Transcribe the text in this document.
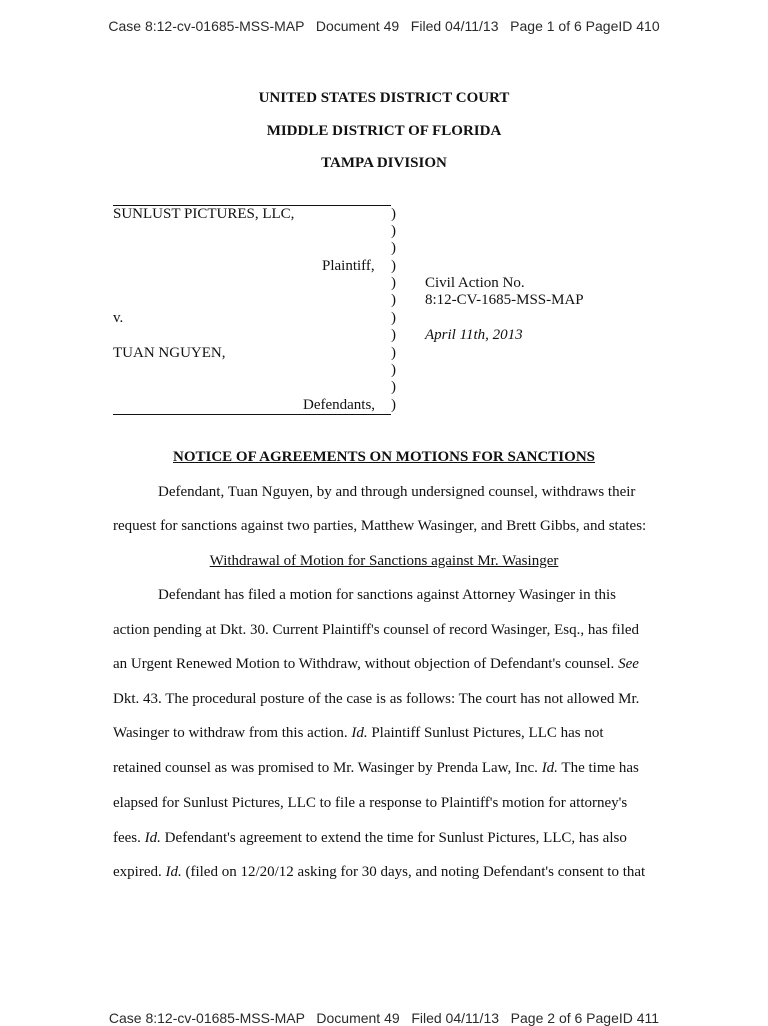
Case 8:12-cv-01685-MSS-MAP   Document 49   Filed 04/11/13   Page 1 of 6 PageID 410
UNITED STATES DISTRICT COURT
MIDDLE DISTRICT OF FLORIDA
TAMPA DIVISION
SUNLUST PICTURES, LLC,
Plaintiff,
v.
TUAN NGUYEN,
Defendants,
)
)
)
)
)
)
)
)
)
)
)
)
Civil Action No.
8:12-CV-1685-MSS-MAP
April 11th, 2013
NOTICE OF AGREEMENTS ON MOTIONS FOR SANCTIONS
Defendant, Tuan Nguyen, by and through undersigned counsel, withdraws their
request for sanctions against two parties, Matthew Wasinger, and Brett Gibbs, and states:
Withdrawal of Motion for Sanctions against Mr. Wasinger
Defendant has filed a motion for sanctions against Attorney Wasinger in this
action pending at Dkt. 30. Current Plaintiff's counsel of record Wasinger, Esq., has filed
an Urgent Renewed Motion to Withdraw, without objection of Defendant's counsel. See
Dkt. 43. The procedural posture of the case is as follows: The court has not allowed Mr.
Wasinger to withdraw from this action. Id. Plaintiff Sunlust Pictures, LLC has not
retained counsel as was promised to Mr. Wasinger by Prenda Law, Inc. Id. The time has
elapsed for Sunlust Pictures, LLC to file a response to Plaintiff's motion for attorney's
fees. Id. Defendant's agreement to extend the time for Sunlust Pictures, LLC, has also
expired. Id. (filed on 12/20/12 asking for 30 days, and noting Defendant's consent to that
Case 8:12-cv-01685-MSS-MAP   Document 49   Filed 04/11/13   Page 2 of 6 PageID 411
